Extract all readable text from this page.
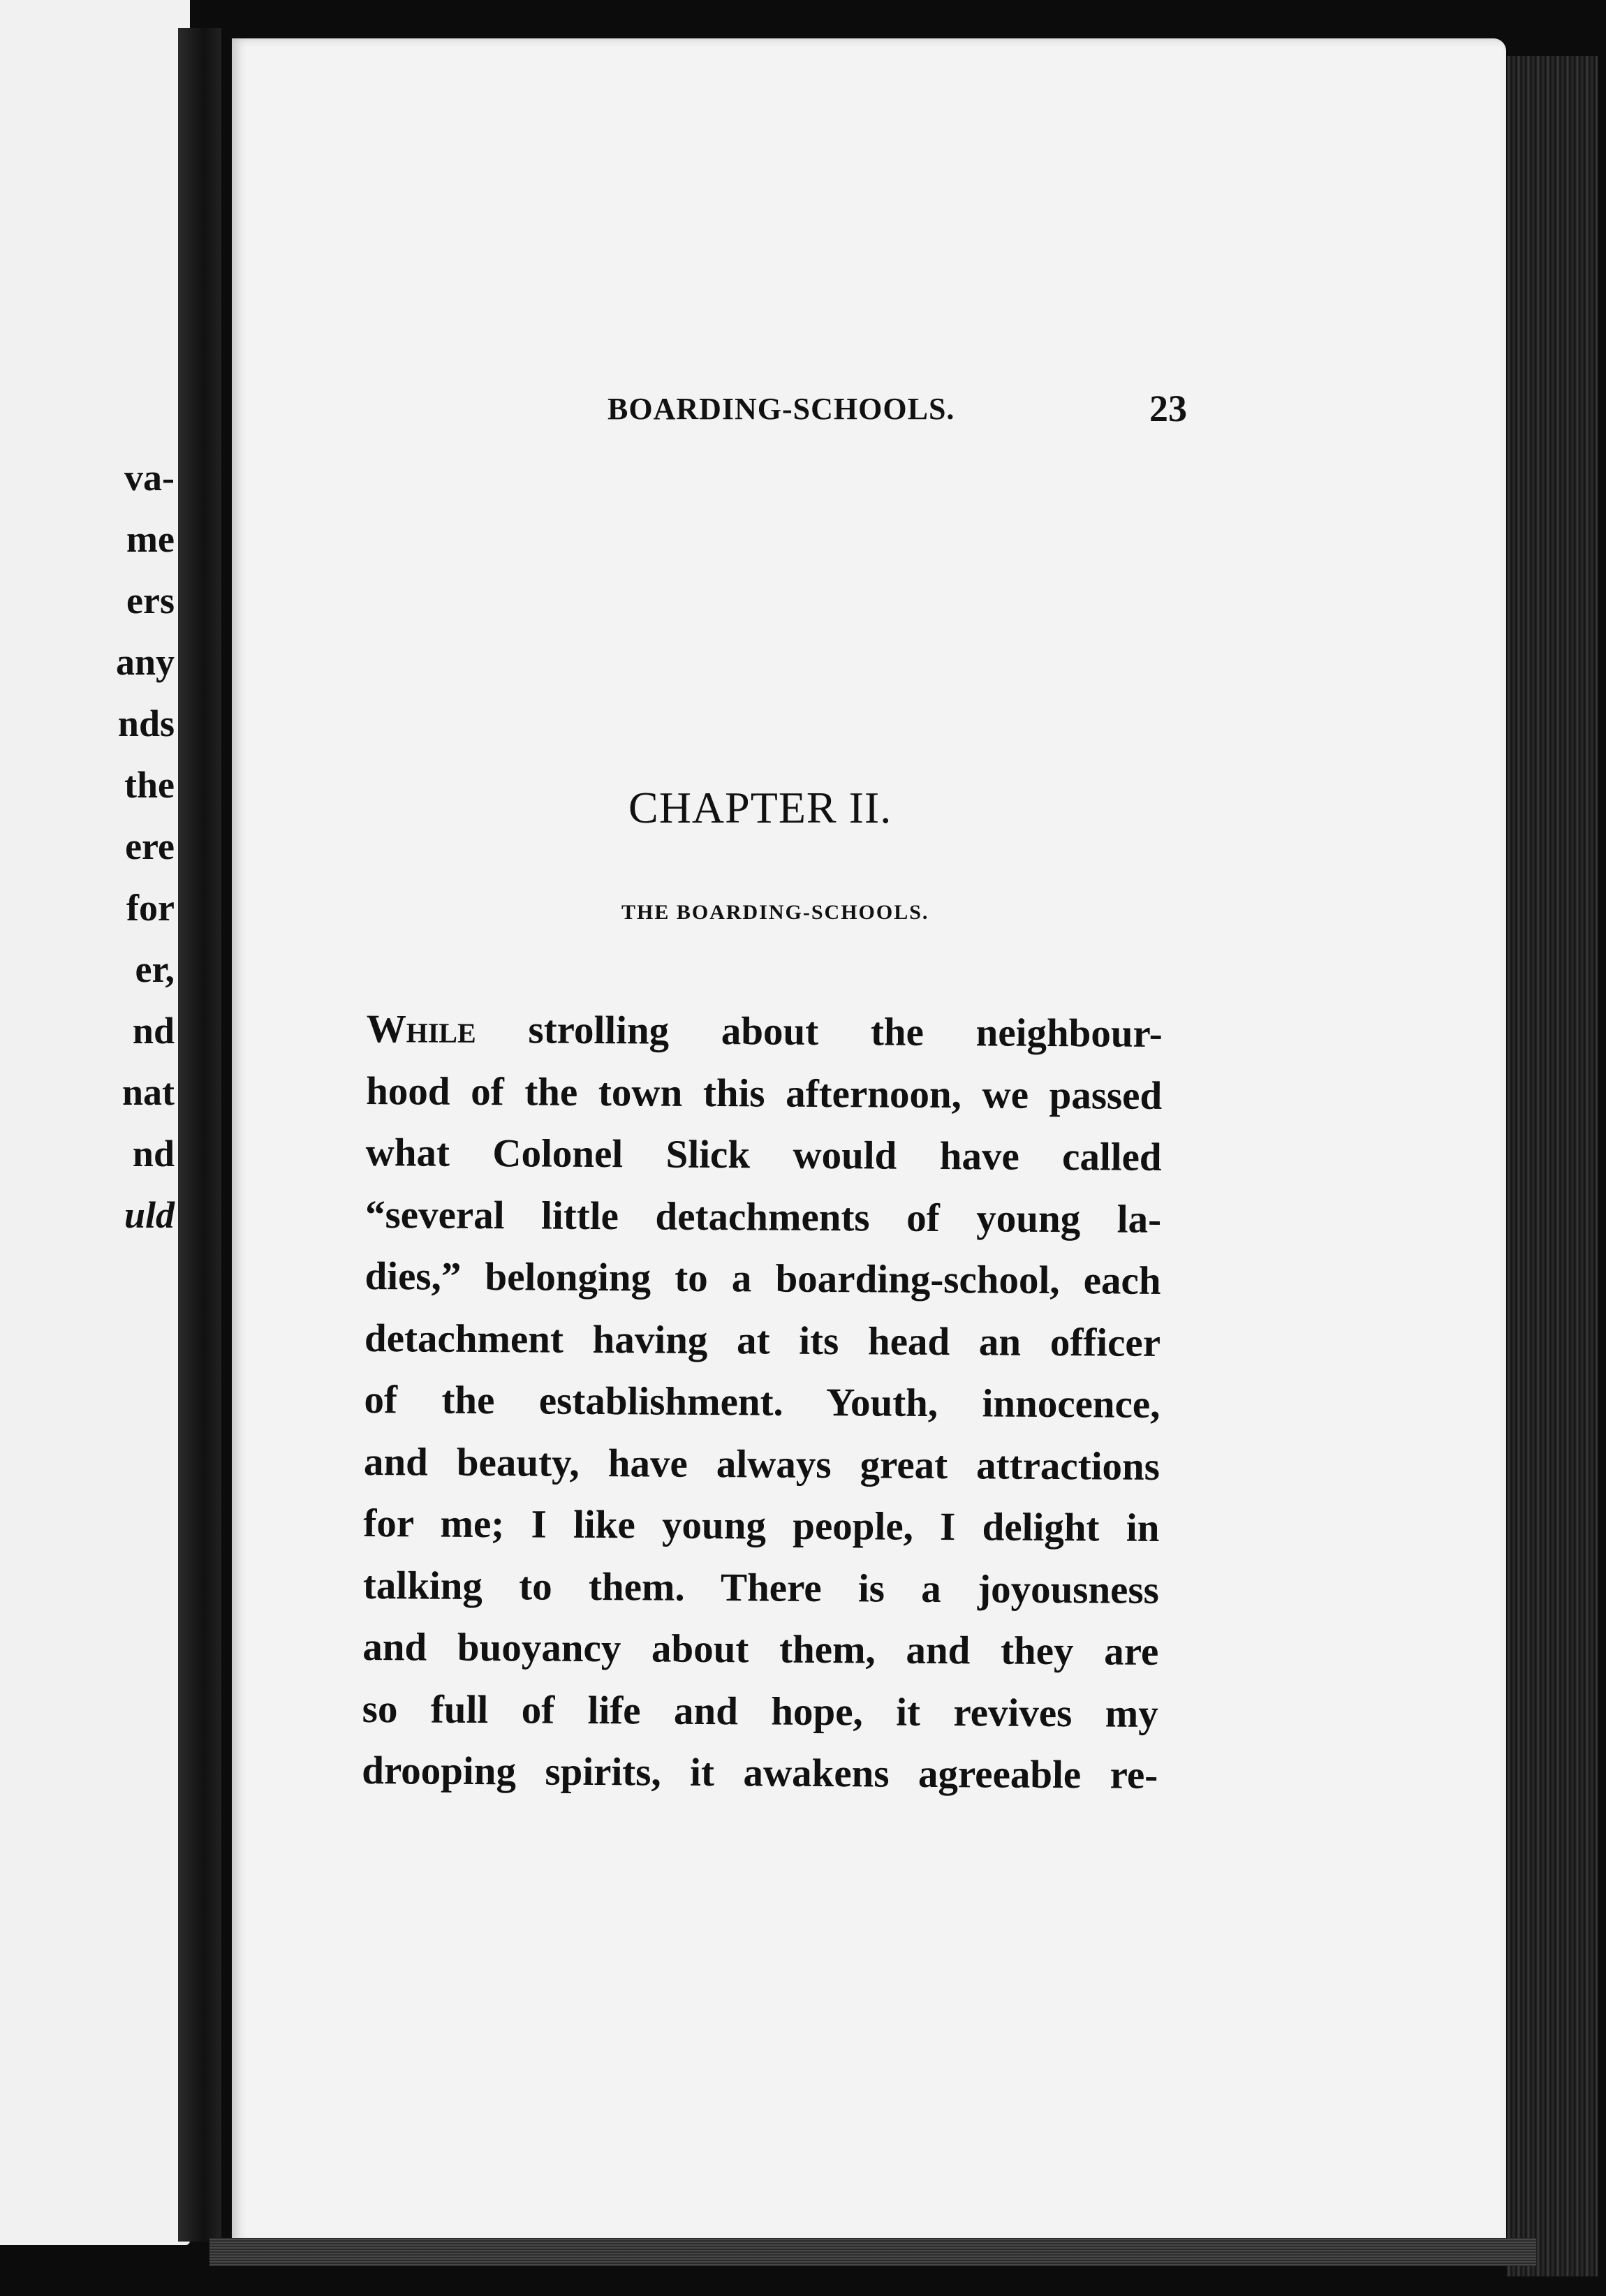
va-
me
ers
any
nds
the
ere
for
er,
nd
nat
nd
uld
BOARDING-SCHOOLS.	23
CHAPTER II.
THE BOARDING-SCHOOLS.
While strolling about the neighbour-
hood of the town this afternoon, we passed
what Colonel Slick would have called
“several little detachments of young la-
dies,” belonging to a boarding-school, each
detachment having at its head an officer
of the establishment. Youth, innocence,
and beauty, have always great attractions
for me; I like young people, I delight in
talking to them. There is a joyousness
and buoyancy about them, and they are
so full of life and hope, it revives my
drooping spirits, it awakens agreeable re-
